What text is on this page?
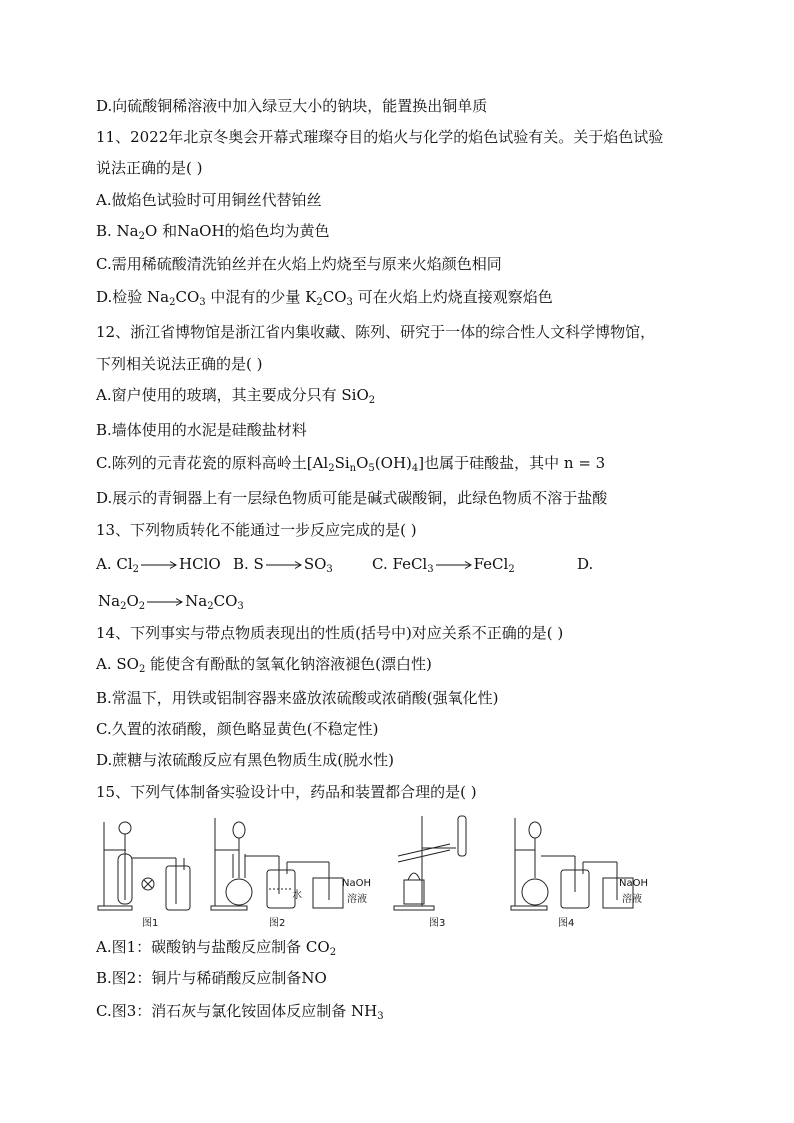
D.向硫酸铜稀溶液中加入绿豆大小的钠块，能置换出铜单质
11、2022年北京冬奥会开幕式璀璨夺目的焰火与化学的焰色试验有关。关于焰色试验
说法正确的是( )
A.做焰色试验时可用铜丝代替铂丝
B. $Na_2O$ 和NaOH的焰色均为黄色
C.需用稀硫酸清洗铂丝并在火焰上灼烧至与原来火焰颜色相同
D.检验 $Na_2CO_3$ 中混有的少量 $K_2CO_3$ 可在火焰上灼烧直接观察焰色
12、浙江省博物馆是浙江省内集收藏、陈列、研究于一体的综合性人文科学博物馆，
下列相关说法正确的是( )
A.窗户使用的玻璃，其主要成分只有 SiO$_2$
B.墙体使用的水泥是硅酸盐材料
C.陈列的元青花瓷的原料高岭土$[Al_2Si_nO_5(OH)_4]$也属于硅酸盐，其中 n = 3
D.展示的青铜器上有一层绿色物质可能是碱式碳酸铜，此绿色物质不溶于盐酸
13、下列物质转化不能通过一步反应完成的是( )
A. $Cl_2\to HClO$ B. $S\to SO_3$	C. FeCl$_3$→FeCl$_2$	D.
$Na_2O_2\to Na_2CO_3$
14、下列事实与带点物质表现出的性质(括号中)对应关系不正确的是( )
A. $SO_2$ 能使含有酚酞的氢氧化钠溶液褪色(漂白性)
B.常温下，用铁或铝制容器来盛放浓硫酸或浓硝酸(强氧化性)
C.久置的浓硝酸，颜色略显黄色(不稳定性)
D.蔗糖与浓硫酸反应有黑色物质生成(脱水性)
15、下列气体制备实验设计中，药品和装置都合理的是( )
图1	图2
水
NaOH
溶液
图3	图4
NaOH
溶液
A.图1：碳酸钠与盐酸反应制备 $CO_2$
B.图2：铜片与稀硝酸反应制备NO
C.图3：消石灰与氯化铵固体反应制备 $NH_3$
